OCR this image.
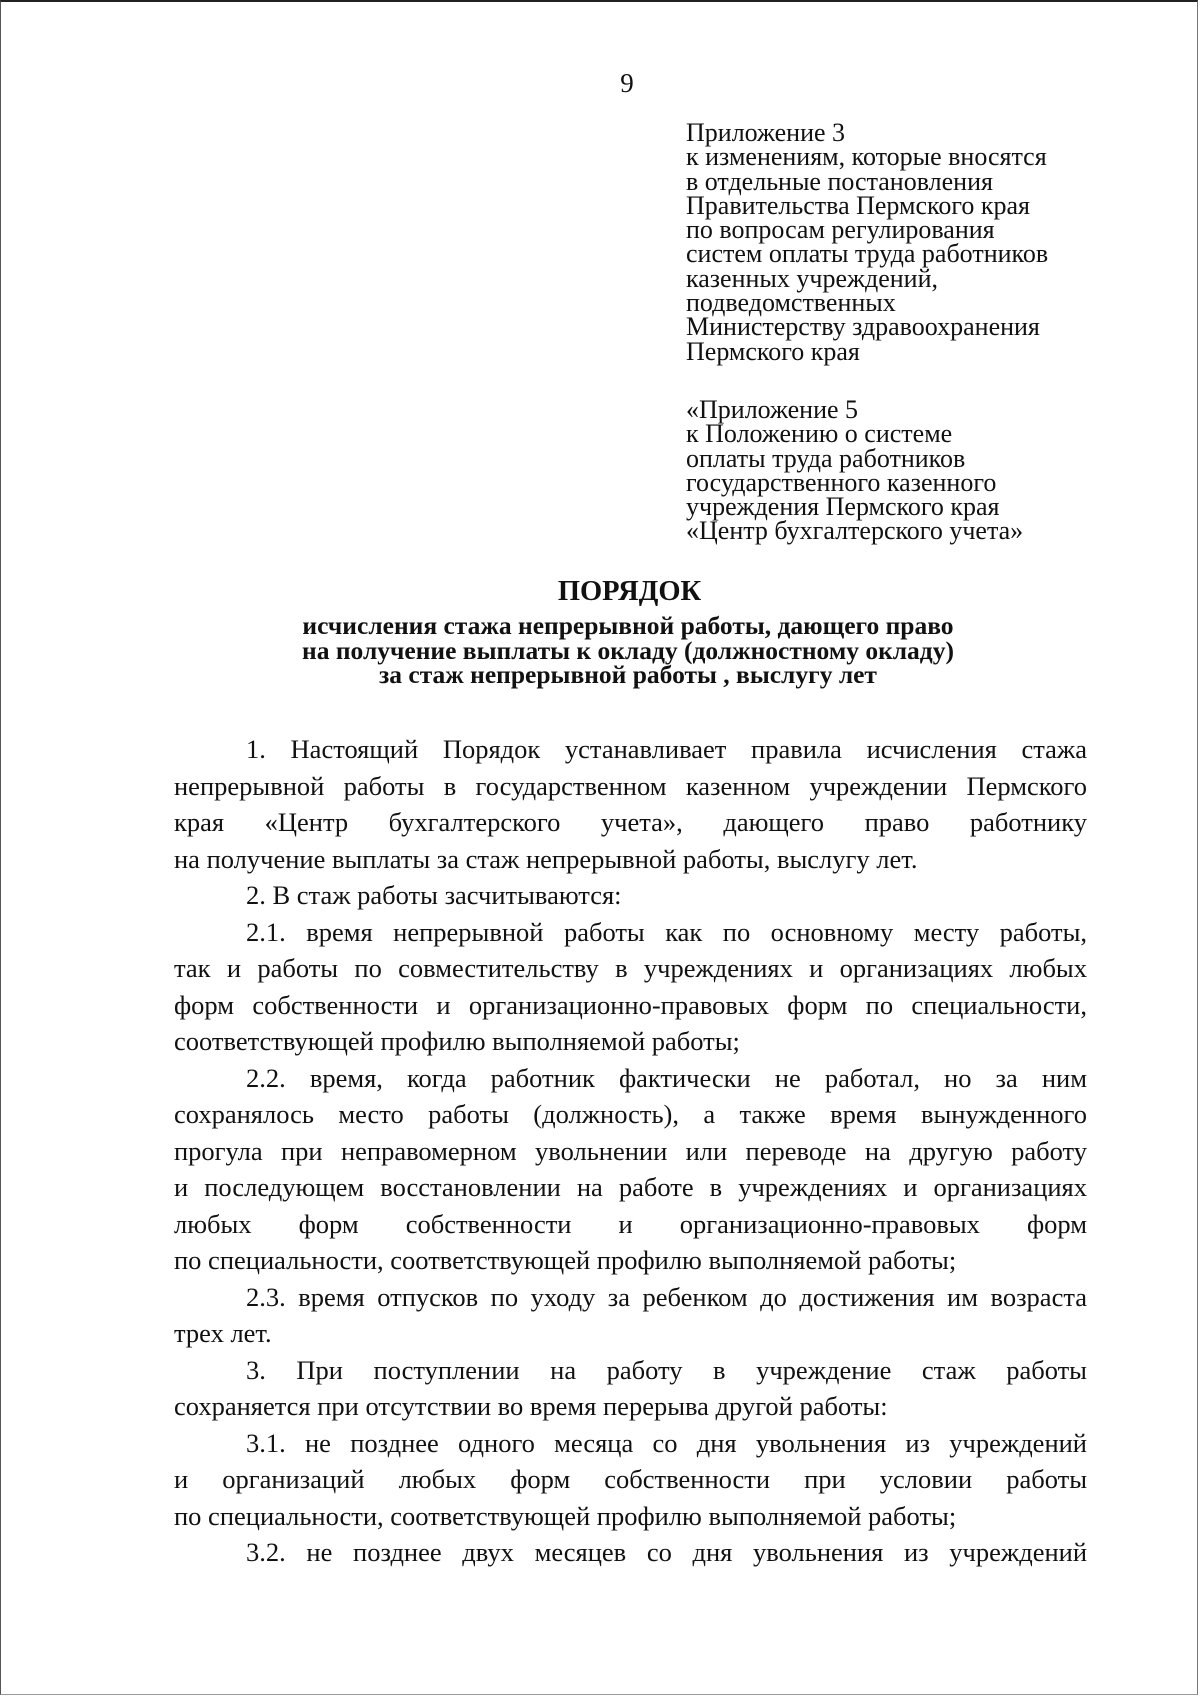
9
Приложение 3
к изменениям, которые вносятся
в отдельные постановления
Правительства Пермского края
по вопросам регулирования
систем оплаты труда работников
казенных учреждений,
подведомственных
Министерству здравоохранения
Пермского края
«Приложение 5
к Положению о системе
оплаты труда работников
государственного казенного
учреждения Пермского края
«Центр бухгалтерского учета»
ПОРЯДОК
исчисления стажа непрерывной работы, дающего право
на получение выплаты к окладу (должностному окладу)
за стаж непрерывной работы , выслугу лет
1. Настоящий Порядок устанавливает правила исчисления стажа
непрерывной работы в государственном казенном учреждении Пермского
края «Центр бухгалтерского учета», дающего право работнику
на получение выплаты за стаж непрерывной работы, выслугу лет.
2. В стаж работы засчитываются:
2.1. время непрерывной работы как по основному месту работы,
так и работы по совместительству в учреждениях и организациях любых
форм собственности и организационно-правовых форм по специальности,
соответствующей профилю выполняемой работы;
2.2. время, когда работник фактически не работал, но за ним
сохранялось место работы (должность), а также время вынужденного
прогула при неправомерном увольнении или переводе на другую работу
и последующем восстановлении на работе в учреждениях и организациях
любых форм собственности и организационно-правовых форм
по специальности, соответствующей профилю выполняемой работы;
2.3. время отпусков по уходу за ребенком до достижения им возраста
трех лет.
3. При поступлении на работу в учреждение стаж работы
сохраняется при отсутствии во время перерыва другой работы:
3.1. не позднее одного месяца со дня увольнения из учреждений
и организаций любых форм собственности при условии работы
по специальности, соответствующей профилю выполняемой работы;
3.2. не позднее двух месяцев со дня увольнения из учреждений
